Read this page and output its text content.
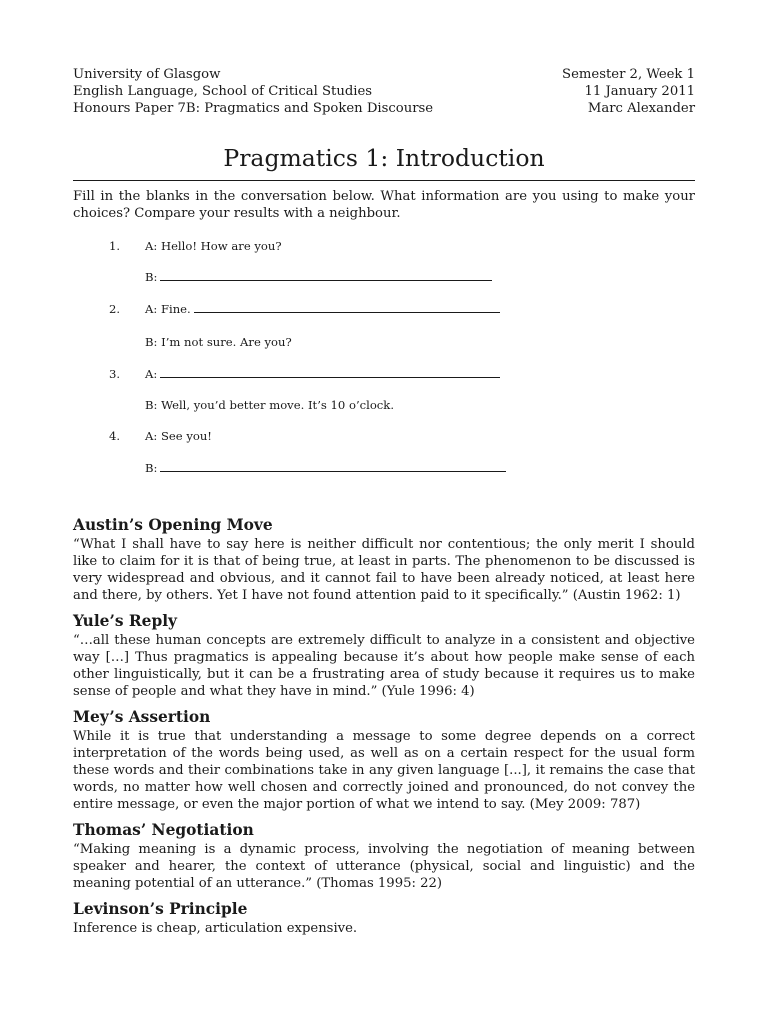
University of Glasgow	Semester 2, Week 1
English Language, School of Critical Studies	11 January 2011
Honours Paper 7B: Pragmatics and Spoken Discourse	Marc Alexander
Pragmatics 1: Introduction
Fill in the blanks in the conversation below. What information are you using to make your choices? Compare your results with a neighbour.
1. A: Hello! How are you?
B:
2. A: Fine.
B: I’m not sure. Are you?
3. A:
B: Well, you’d better move. It’s 10 o’clock.
4. A: See you!
B:
Austin’s Opening Move

“What I shall have to say here is neither difficult nor contentious; the only merit I should like to claim for it is that of being true, at least in parts. The phenomenon to be discussed is very widespread and obvious, and it cannot fail to have been already noticed, at least here and there, by others. Yet I have not found attention paid to it specifically.” (Austin 1962: 1)

Yule’s Reply

“…all these human concepts are extremely difficult to analyze in a consistent and objective way […] Thus pragmatics is appealing because it’s about how people make sense of each other linguistically, but it can be a frustrating area of study because it requires us to make sense of people and what they have in mind.” (Yule 1996: 4)

Mey’s Assertion

While it is true that understanding a message to some degree depends on a correct interpretation of the words being used, as well as on a certain respect for the usual form these words and their combinations take in any given language [...], it remains the case that words, no matter how well chosen and correctly joined and pronounced, do not convey the entire message, or even the major portion of what we intend to say. (Mey 2009: 787)

Thomas’ Negotiation

“Making meaning is a dynamic process, involving the negotiation of meaning between speaker and hearer, the context of utterance (physical, social and linguistic) and the meaning potential of an utterance.” (Thomas 1995: 22)

Levinson’s Principle

Inference is cheap, articulation expensive.
